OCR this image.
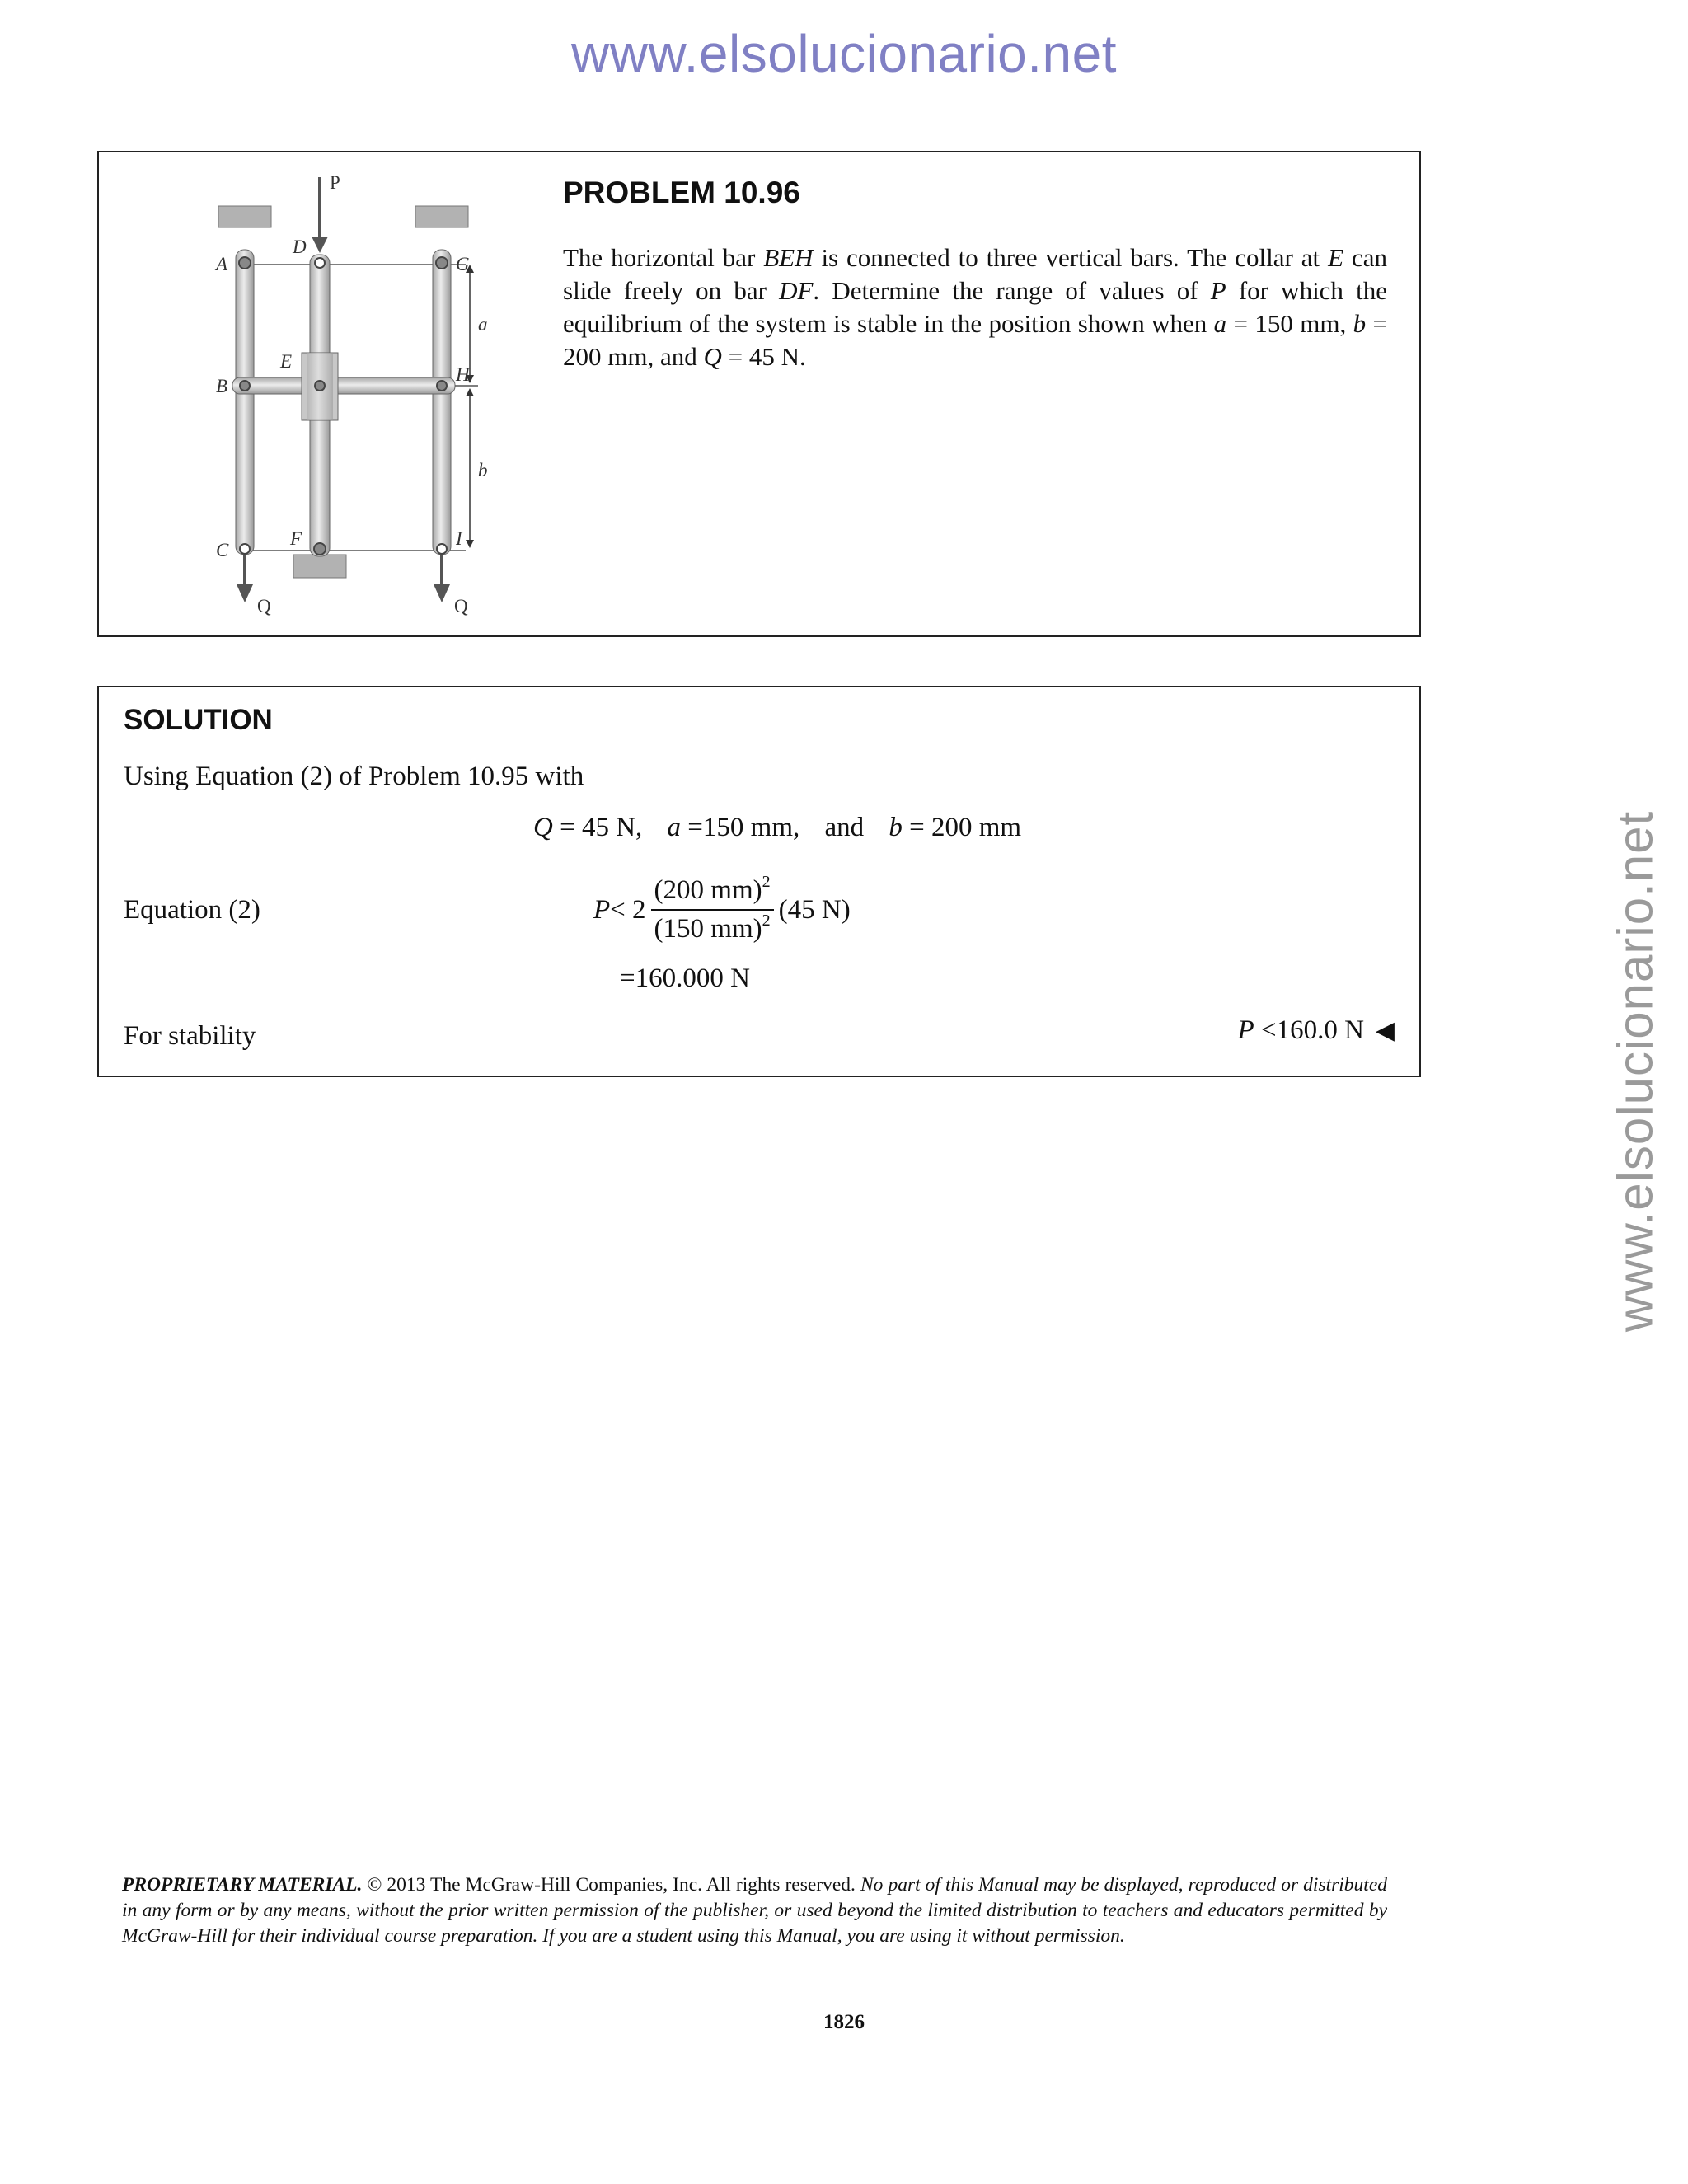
www.elsolucionario.net
www.elsolucionario.net
P
A
D
G
E
B
H
a
b
C
F	I
Q	Q
PROBLEM 10.96
The horizontal bar BEH is connected to three vertical bars. The collar at E can slide freely on bar DF. Determine the range of values of P for which the equilibrium of the system is stable in the position shown when a = 150 mm, b = 200 mm, and Q = 45 N.
SOLUTION
Using Equation (2) of Problem 10.95 with
Q = 45 N, a =150 mm, and b = 200 mm
Equation (2)	$P < 2 \frac{(200 mm)^2}{(150 mm)^2} (45$ N)
=160.000 N
For stability	P <160.0 N ◀
PROPRIETARY MATERIAL. © 2013 The McGraw-Hill Companies, Inc. All rights reserved. No part of this Manual may be displayed, reproduced or distributed in any form or by any means, without the prior written permission of the publisher, or used beyond the limited distribution to teachers and educators permitted by McGraw-Hill for their individual course preparation. If you are a student using this Manual, you are using it without permission.
1826
